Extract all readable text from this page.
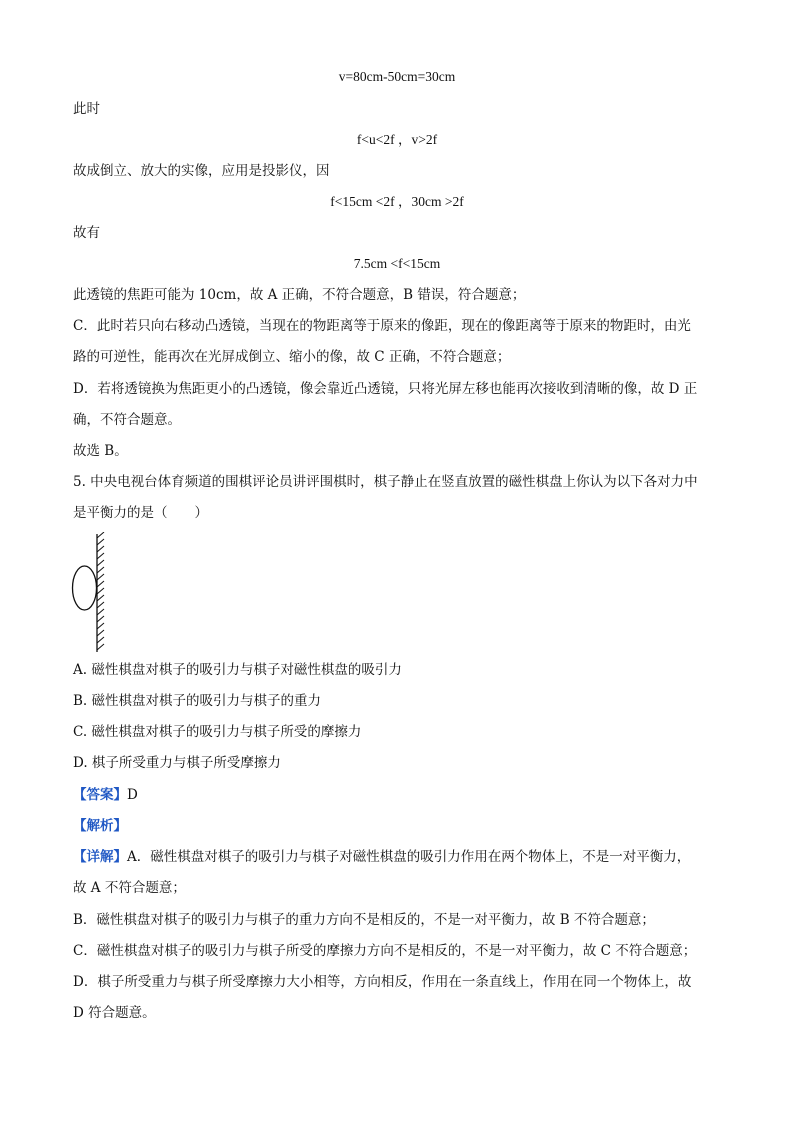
v=80cm-50cm=30cm
此时
f<u<2f ，v>2f
故成倒立、放大的实像，应用是投影仪，因
f<15cm <2f ，30cm >2f
故有
7.5cm <f<15cm
此透镜的焦距可能为 10cm，故 A 正确，不符合题意，B 错误，符合题意；
C．此时若只向右移动凸透镜，当现在的物距离等于原来的像距，现在的像距离等于原来的物距时，由光
路的可逆性，能再次在光屏成倒立、缩小的像，故 C 正确，不符合题意；
D．若将透镜换为焦距更小的凸透镜，像会靠近凸透镜，只将光屏左移也能再次接收到清晰的像，故 D 正
确，不符合题意。
故选 B。
5. 中央电视台体育频道的围棋评论员讲评围棋时，棋子静止在竖直放置的磁性棋盘上你认为以下各对力中
是平衡力的是（　　）
A. 磁性棋盘对棋子的吸引力与棋子对磁性棋盘的吸引力
B. 磁性棋盘对棋子的吸引力与棋子的重力
C. 磁性棋盘对棋子的吸引力与棋子所受的摩擦力
D. 棋子所受重力与棋子所受摩擦力
【答案】D
【解析】
【详解】A．磁性棋盘对棋子的吸引力与棋子对磁性棋盘的吸引力作用在两个物体上，不是一对平衡力，
故 A 不符合题意；
B．磁性棋盘对棋子的吸引力与棋子的重力方向不是相反的，不是一对平衡力，故 B 不符合题意；
C．磁性棋盘对棋子的吸引力与棋子所受的摩擦力方向不是相反的，不是一对平衡力，故 C 不符合题意；
D．棋子所受重力与棋子所受摩擦力大小相等，方向相反，作用在一条直线上，作用在同一个物体上，故
D 符合题意。
